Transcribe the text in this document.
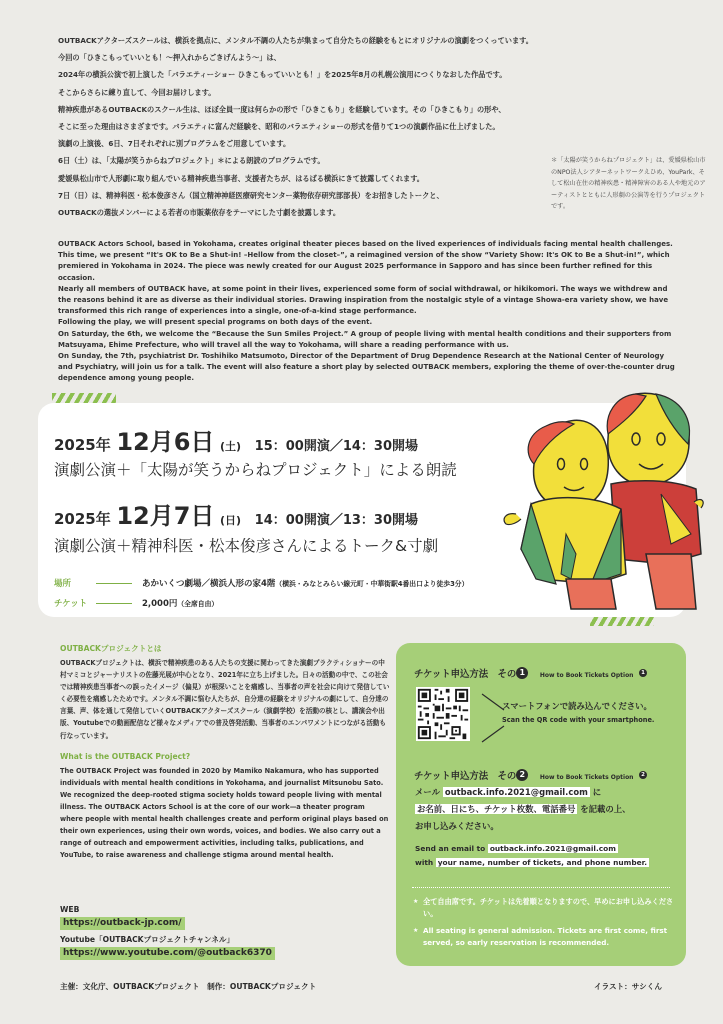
OUTBACKアクターズスクールは、横浜を拠点に、メンタル不調の人たちが集まって自分たちの経験をもとにオリジナルの演劇をつくっています。

今回の「ひきこもっていいとも！〜押入れからごきげんよう〜」は、

2024年の横浜公演で初上演した「バラエティーショー ひきこもっていいとも！」を2025年8月の札幌公演用につくりなおした作品です。

そこからさらに練り直して、今回お届けします。

精神疾患があるOUTBACKのスクール生は、ほぼ全員一度は何らかの形で「ひきこもり」を経験しています。その「ひきこもり」の形や、

そこに至った理由はさまざまです。バラエティに富んだ経験を、昭和のバラエティショーの形式を借りて1つの演劇作品に仕上げました。

演劇の上演後、6日、7日それぞれに別プログラムをご用意しています。

6日（土）は、「太陽が笑うからねプロジェクト」＊による朗読のプログラムです。

愛媛県松山市で人形劇に取り組んでいる精神疾患当事者、支援者たちが、はるばる横浜にきて披露してくれます。

7日（日）は、精神科医・松本俊彦さん（国立精神神経医療研究センター薬物依存研究部部長）をお招きしたトークと、

OUTBACKの選抜メンバーによる若者の市販薬依存をテーマにした寸劇を披露します。

＊「太陽が笑うからねプロジェクト」は、愛媛県松山市のNPO法人シアターネットワークえひめ、YouPark、そして松山在住の精神疾患・精神障害のある人や地元のアーティストとともに人形劇の公演等を行うプロジェクトです。

OUTBACK Actors School, based in Yokohama, creates original theater pieces based on the lived experiences of individuals facing mental health challenges.

This time, we present “It's OK to Be a Shut-in! –Hellow from the closet–”, a reimagined version of the show “Variety Show: It's OK to Be a Shut-in!”, which premiered in Yokohama in 2024. The piece was newly created for our August 2025 performance in Sapporo and has since been further refined for this occasion.

Nearly all members of OUTBACK have, at some point in their lives, experienced some form of social withdrawal, or hikikomori. The ways we withdrew and the reasons behind it are as diverse as their individual stories. Drawing inspiration from the nostalgic style of a vintage Showa-era variety show, we have transformed this rich range of experiences into a single, one-of-a-kind stage performance.

Following the play, we will present special programs on both days of the event.

On Saturday, the 6th, we welcome the “Because the Sun Smiles Project.” A group of people living with mental health conditions and their supporters from Matsuyama, Ehime Prefecture, who will travel all the way to Yokohama, will share a reading performance with us.

On Sunday, the 7th, psychiatrist Dr. Toshihiko Matsumoto, Director of the Department of Drug Dependence Research at the National Center of Neurology and Psychiatry, will join us for a talk. The event will also feature a short play by selected OUTBACK members, exploring the theme of over-the-counter drug dependence among young people.

2025年 12月6日 (土) 15：00開演／14：30開場
演劇公演＋「太陽が笑うからねプロジェクト」による朗読
2025年 12月7日 (日) 14：00開演／13：30開場
演劇公演＋精神科医・松本俊彦さんによるトーク&寸劇
場所	あかいくつ劇場／横浜人形の家4階（横浜・みなとみらい線元町・中華街駅4番出口より徒歩3分）
チケット	2,000円（全席自由）
OUTBACKプロジェクトとは

OUTBACKプロジェクトは、横浜で精神疾患のある人たちの支援に関わってきた演劇プラクティショナーの中村マミコとジャーナリストの佐藤光展が中心となり、2021年に立ち上げました。日々の活動の中で、この社会では精神疾患当事者への誤ったイメージ（偏見）が根深いことを痛感し、当事者の声を社会に向けて発信していく必要性を痛感したためです。メンタル不調に悩む人たちが、自分達の経験をオリジナルの劇にして、自分達の言葉、声、体を通して発信していくOUTBACKアクターズスクール（演劇学校）を活動の核とし、講演会や出版、Youtubeでの動画配信など様々なメディアでの普及啓発活動、当事者のエンパワメントにつながる活動も行なっています。

What is the OUTBACK Project?

The OUTBACK Project was founded in 2020 by Mamiko Nakamura, who has supported individuals with mental health conditions in Yokohama, and journalist Mitsunobu Sato. We recognized the deep-rooted stigma society holds toward people living with mental illness. The OUTBACK Actors School is at the core of our work—a theater program where people with mental health challenges create and perform original plays based on their own experiences, using their own words, voices, and bodies. We also carry out a range of outreach and empowerment activities, including talks, publications, and YouTube, to raise awareness and challenge stigma around mental health.

WEB
https://outback-jp.com/
Youtube「OUTBACKプロジェクトチャンネル」
https://www.youtube.com/@outback6370
主催：文化庁、OUTBACKプロジェクト　制作：OUTBACKプロジェクト	イラスト：サシくん
チケット申込方法　その 1 How to Book Tickets Option 1
スマートフォンで読み込んでください。
Scan the QR code with your smartphone.
チケット申込方法　その 2 How to Book Tickets Option 2
メール outback.info.2021@gmail.com に
お名前、日にち、チケット枚数、電話番号 を記載の上、
お申し込みください。
Send an email to outback.info.2021@gmail.com
with your name, number of tickets, and phone number.
★ 全て自由席です。チケットは先着順となりますので、早めにお申し込みください。
★ All seating is general admission. Tickets are first come, first served, so early reservation is recommended.
